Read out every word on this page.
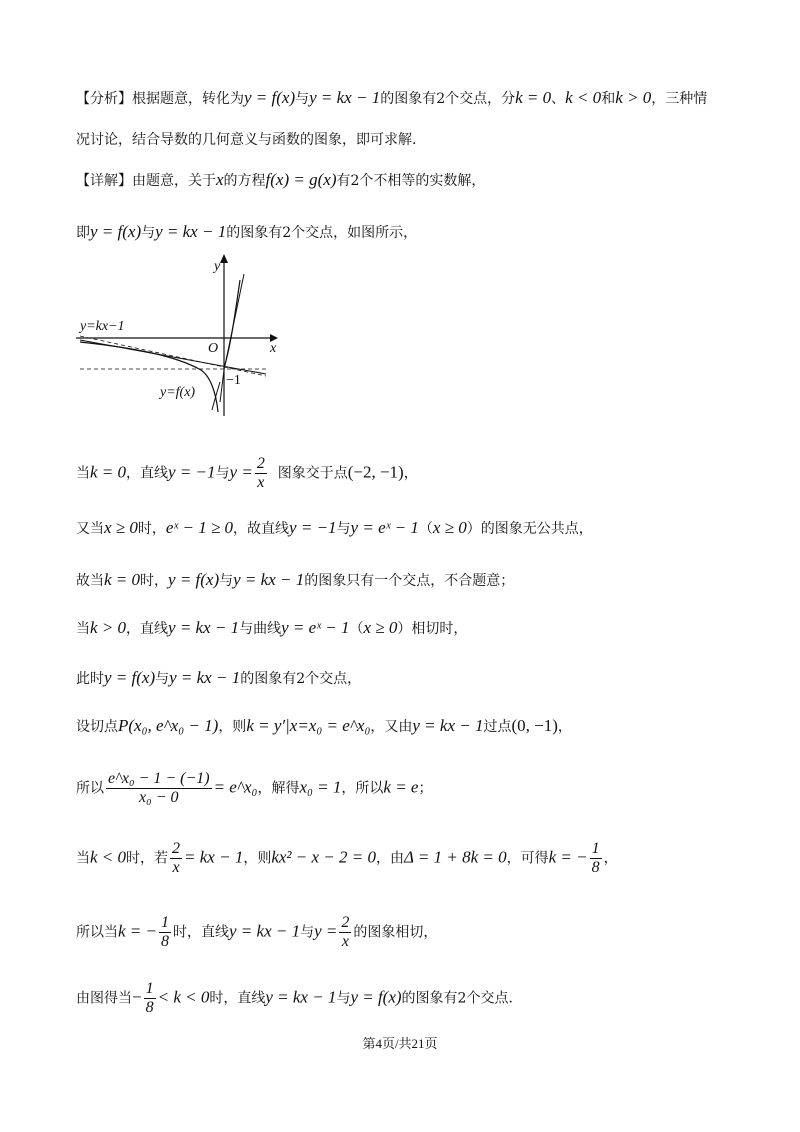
【分析】根据题意，转化为y = f(x)与y = kx − 1的图象有2个交点，分k = 0、k < 0和k > 0，三种情
况讨论，结合导数的几何意义与函数的图象，即可求解.
【详解】由题意，关于x的方程f(x) = g(x)有2个不相等的实数解，
即y = f(x)与y = kx − 1的图象有2个交点，如图所示，
y
x
O
y=kx−1
y=f(x)
−1
当k = 0，直线y = −1与$y = \frac{2}{x}$ 图象交于点(−2, −1)，
又当x ≥ 0时，eˣ − 1 ≥ 0，故直线y = −1与y = eˣ − 1（x ≥ 0）的图象无公共点，
故当k = 0时，y = f(x)与y = kx − 1的图象只有一个交点，不合题意；
当k > 0，直线y = kx − 1与曲线y = eˣ − 1（x ≥ 0）相切时，
此时y = f(x)与y = kx − 1的图象有2个交点，
设切点P(x₀, e^x₀ − 1)，则k = y′|x=x₀ = e^x₀，又由y = kx − 1过点(0, −1)，
所以 $\frac{\text{e\textasciicircum{}x₀ − 1 − (−1)}}{\text{x₀ − 0}}$ = e^x₀，解得x₀ = 1，所以k = e；
当k < 0时，若 $\frac{2}{x}$ = kx − 1，则kx² − x − 2 = 0，由Δ = 1 + 8k = 0，可得k = − $\frac{1}{8}$ ，
所以当k = − $\frac{1}{8}$ 时，直线y = kx − 1与$y = \frac{2}{x}$ 的图象相切，
由图得当− $\frac{1}{8} < k < 0$时，直线y = kx − 1与y = f(x)的图象有2个交点.
第4页/共21页
